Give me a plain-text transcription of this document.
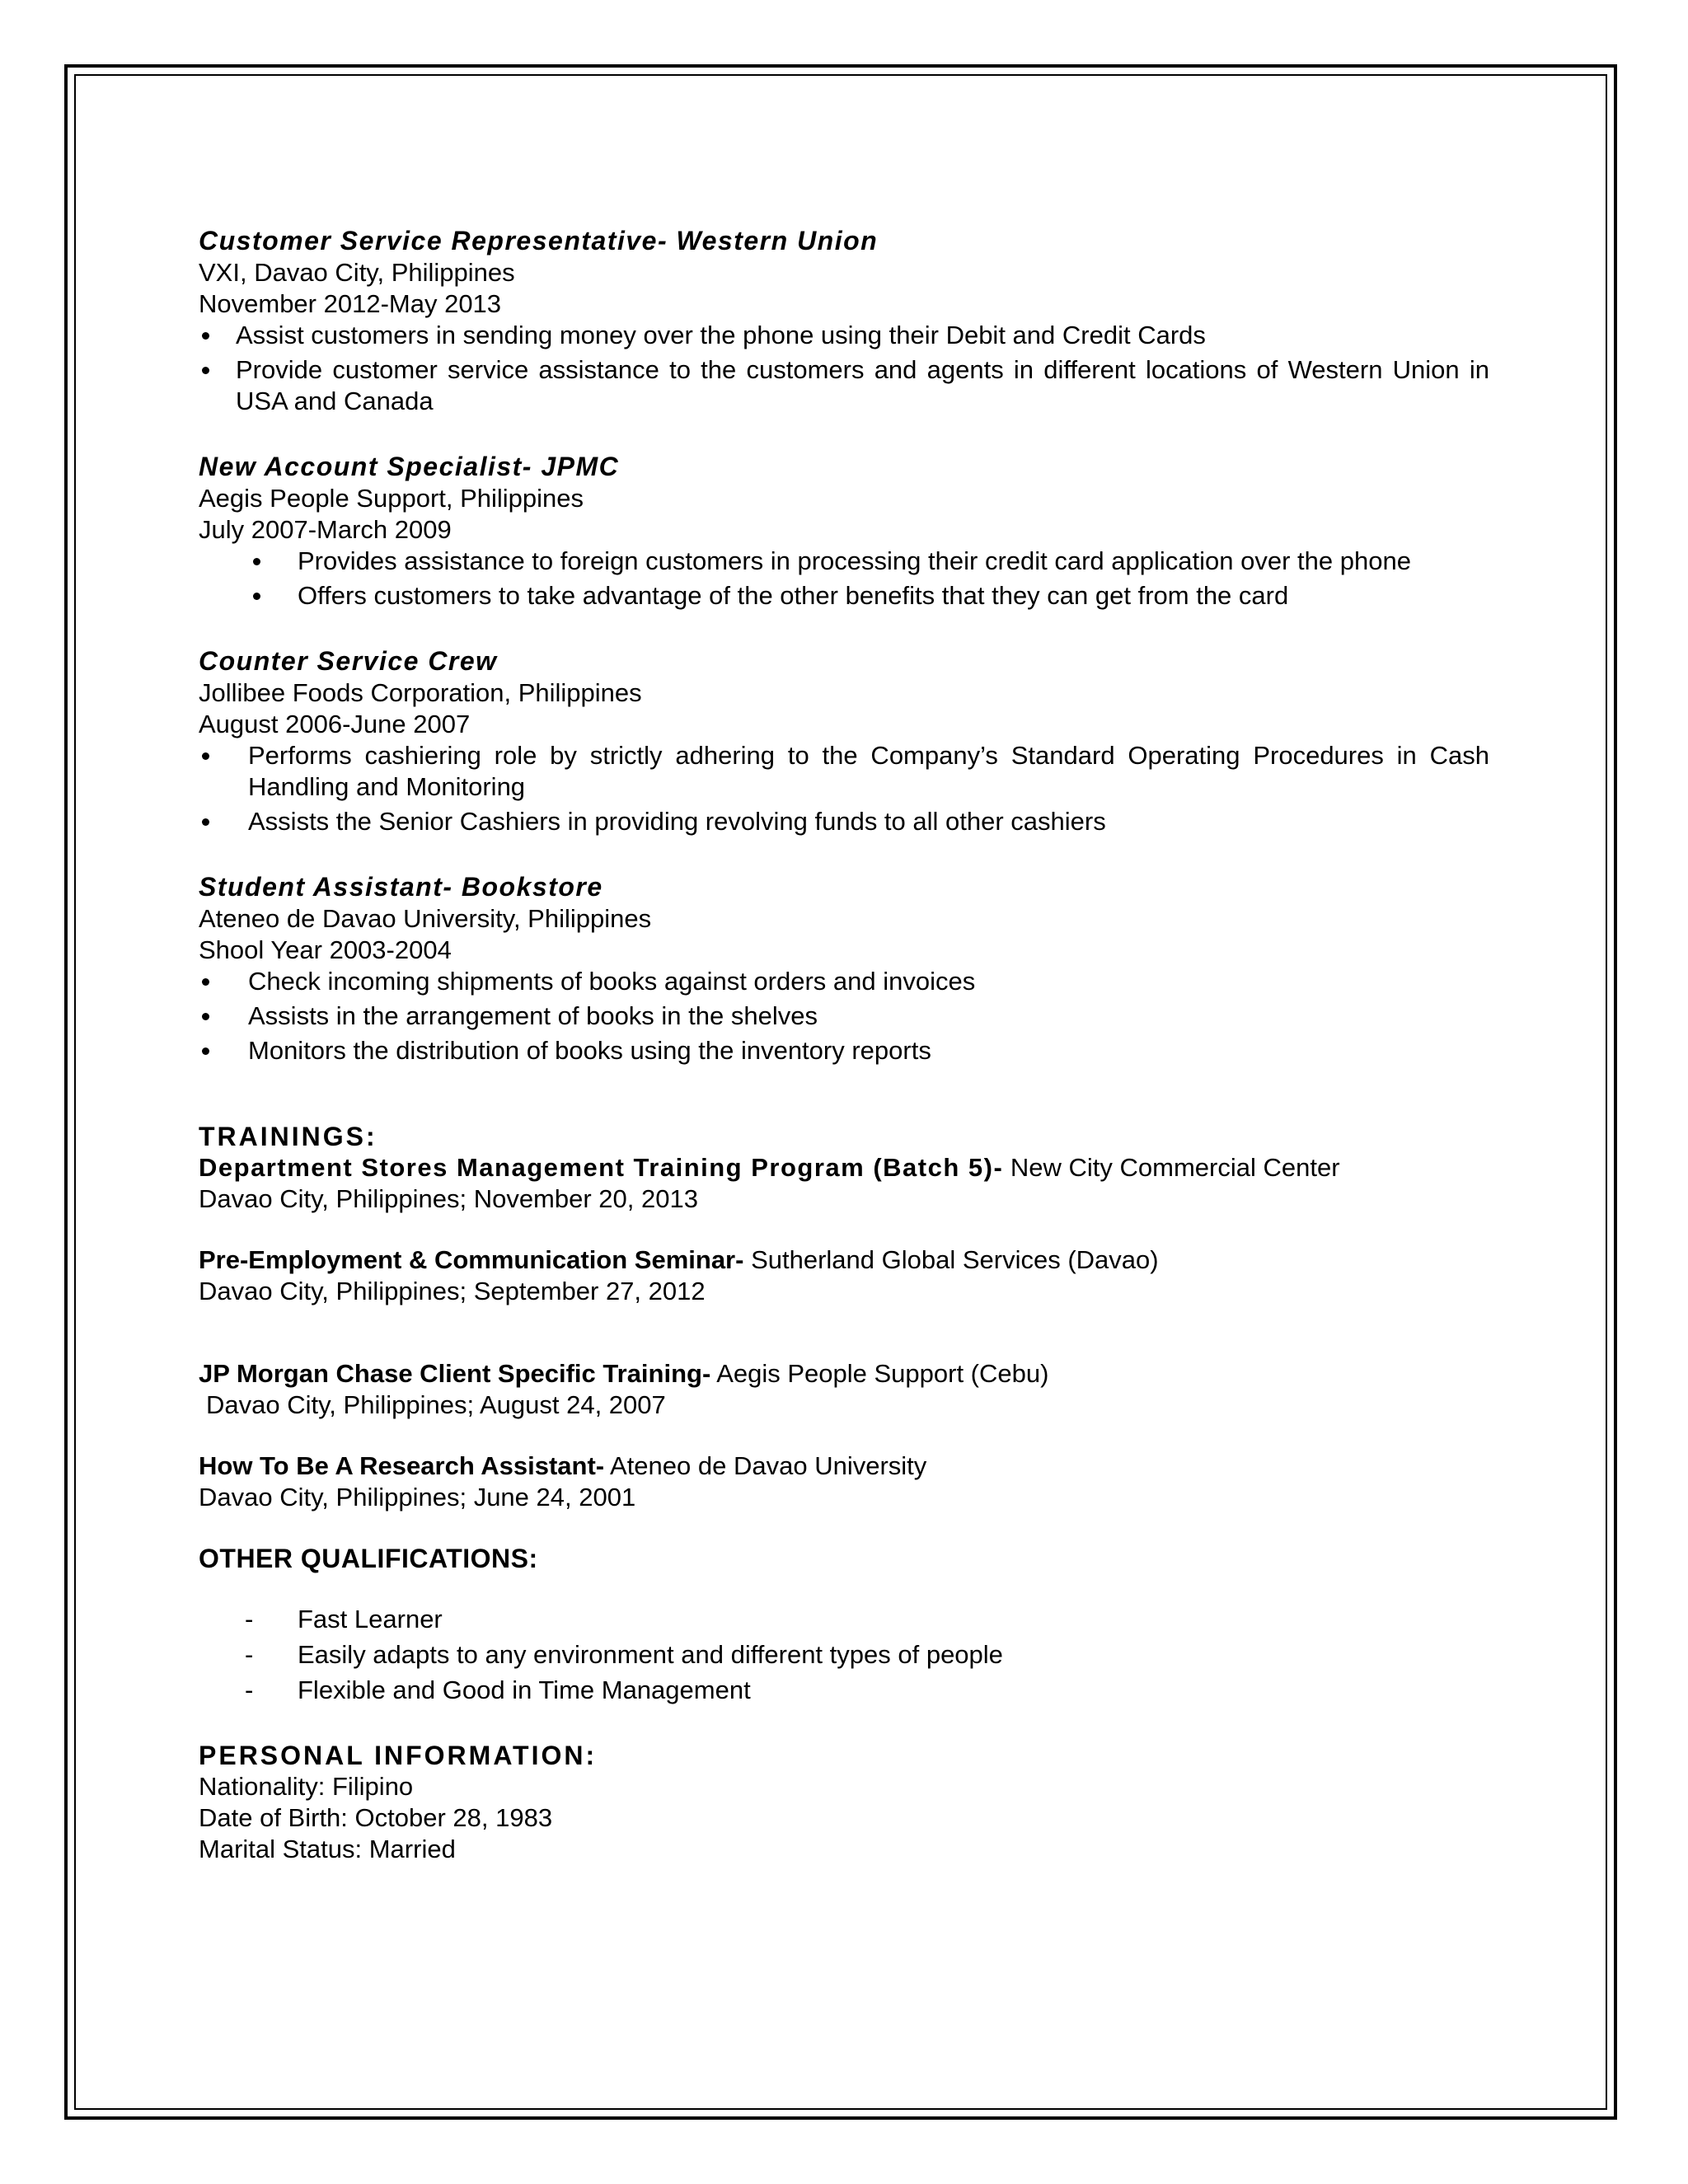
Customer Service Representative- Western Union
VXI, Davao City, Philippines
November 2012-May 2013
Assist customers in sending money over the phone using their Debit and Credit Cards
Provide customer service assistance to the customers and agents in different locations of Western Union in USA and Canada
New Account Specialist- JPMC
Aegis People Support, Philippines
July 2007-March 2009
Provides assistance to foreign customers in processing their credit card application over the phone
Offers customers to take advantage of the other benefits that they can get from the card
Counter Service Crew
Jollibee Foods Corporation, Philippines
August 2006-June 2007
Performs cashiering role by strictly adhering to the Company’s Standard Operating Procedures in Cash Handling and Monitoring
Assists the Senior Cashiers in providing revolving funds to all other cashiers
Student Assistant- Bookstore
Ateneo de Davao University, Philippines
Shool Year 2003-2004
Check incoming shipments of books against orders and invoices
Assists in the arrangement of books in the shelves
Monitors the distribution of books using the inventory reports
TRAININGS:
Department Stores Management Training Program (Batch 5)- New City Commercial Center
Davao City, Philippines; November 20, 2013
Pre-Employment & Communication Seminar- Sutherland Global Services (Davao)
Davao City, Philippines; September 27, 2012
JP Morgan Chase Client Specific Training- Aegis People Support (Cebu)
Davao City, Philippines; August 24, 2007
How To Be A Research Assistant- Ateneo de Davao University
Davao City, Philippines; June 24, 2001
OTHER QUALIFICATIONS:
- Fast Learner
- Easily adapts to any environment and different types of people
- Flexible and Good in Time Management
PERSONAL INFORMATION:
Nationality: Filipino
Date of Birth: October 28, 1983
Marital Status: Married
